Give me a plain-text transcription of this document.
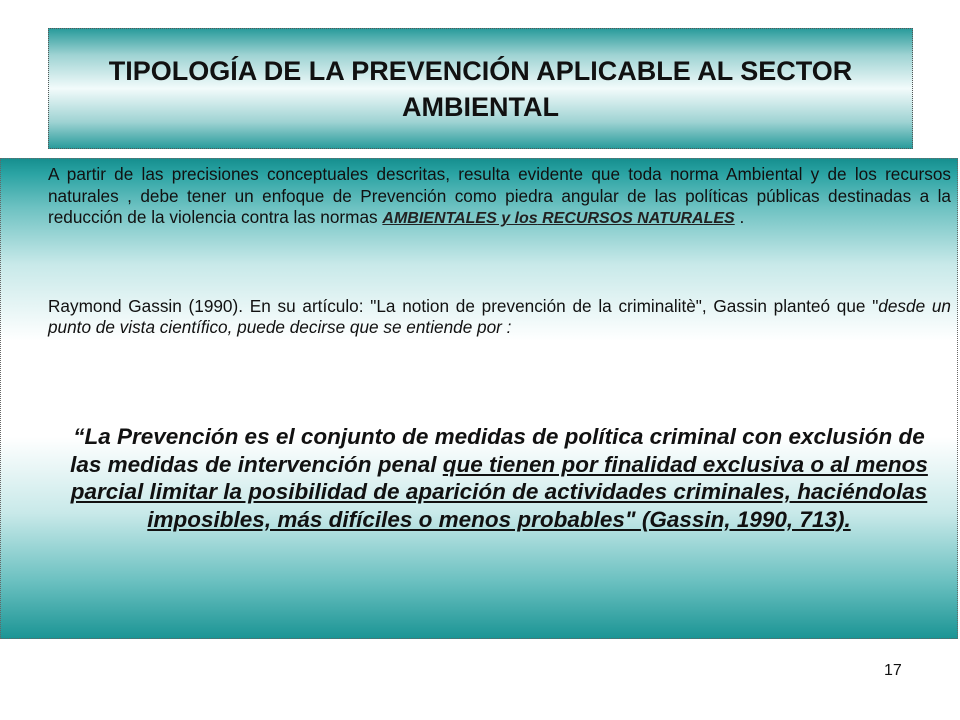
TIPOLOGÍA DE LA PREVENCIÓN APLICABLE AL SECTOR AMBIENTAL

A partir de las precisiones conceptuales descritas, resulta evidente que toda norma Ambiental y de los recursos naturales , debe tener un enfoque de Prevención como piedra angular de las políticas públicas destinadas a la reducción de la violencia contra las normas AMBIENTALES y los RECURSOS NATURALES .

Raymond Gassin (1990). En su artículo: "La notion de prevención de la criminalitè", Gassin planteó que "desde un punto de vista científico, puede decirse que se entiende por :

“La Prevención es el conjunto de medidas de política criminal con exclusión de las medidas de intervención penal que tienen por finalidad exclusiva o al menos parcial limitar la posibilidad de aparición de actividades criminales, haciéndolas imposibles, más difíciles o menos probables" (Gassin, 1990, 713).

17
